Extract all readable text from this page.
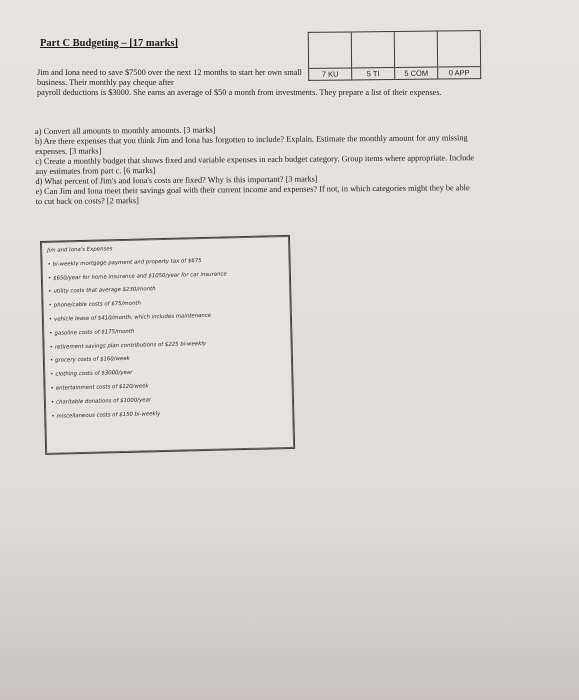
Part C Budgeting – [17 marks]
7 KU	5 TI	5 COM	0 APP
Jim and Iona need to save $7500 over the next 12 months to start her own small business. Their monthly pay cheque after
payroll deductions is $3000. She earns an average of $50 a month from investments. They prepare a list of their expenses.

a) Convert all amounts to monthly amounts. [3 marks]

b) Are there expenses that you think Jim and Iona has forgotten to include? Explain. Estimate the monthly amount for any missing expenses. [3 marks]

c) Create a monthly budget that shows fixed and variable expenses in each budget category. Group items where appropriate. Include any estimates from part c. [6 marks]

d) What percent of Jim's and Iona's costs are fixed? Why is this important? [3 marks]

e) Can Jim and Iona meet their savings goal with their current income and expenses? If not, in which categories might they be able to cut back on costs? [2 marks]

Jim and Iona's Expenses
• bi-weekly mortgage payment and property tax of $675
• $650/year for home insurance and $1050/year for car insurance
• utility costs that average $230/month
• phone/cable costs of $75/month
• vehicle lease of $410/month, which includes maintenance
• gasoline costs of $175/month
• retirement savings plan contributions of $225 bi-weekly
• grocery costs of $160/week
• clothing costs of $3000/year
• entertainment costs of $120/week
• charitable donations of $1000/year
• miscellaneous costs of $150 bi-weekly
